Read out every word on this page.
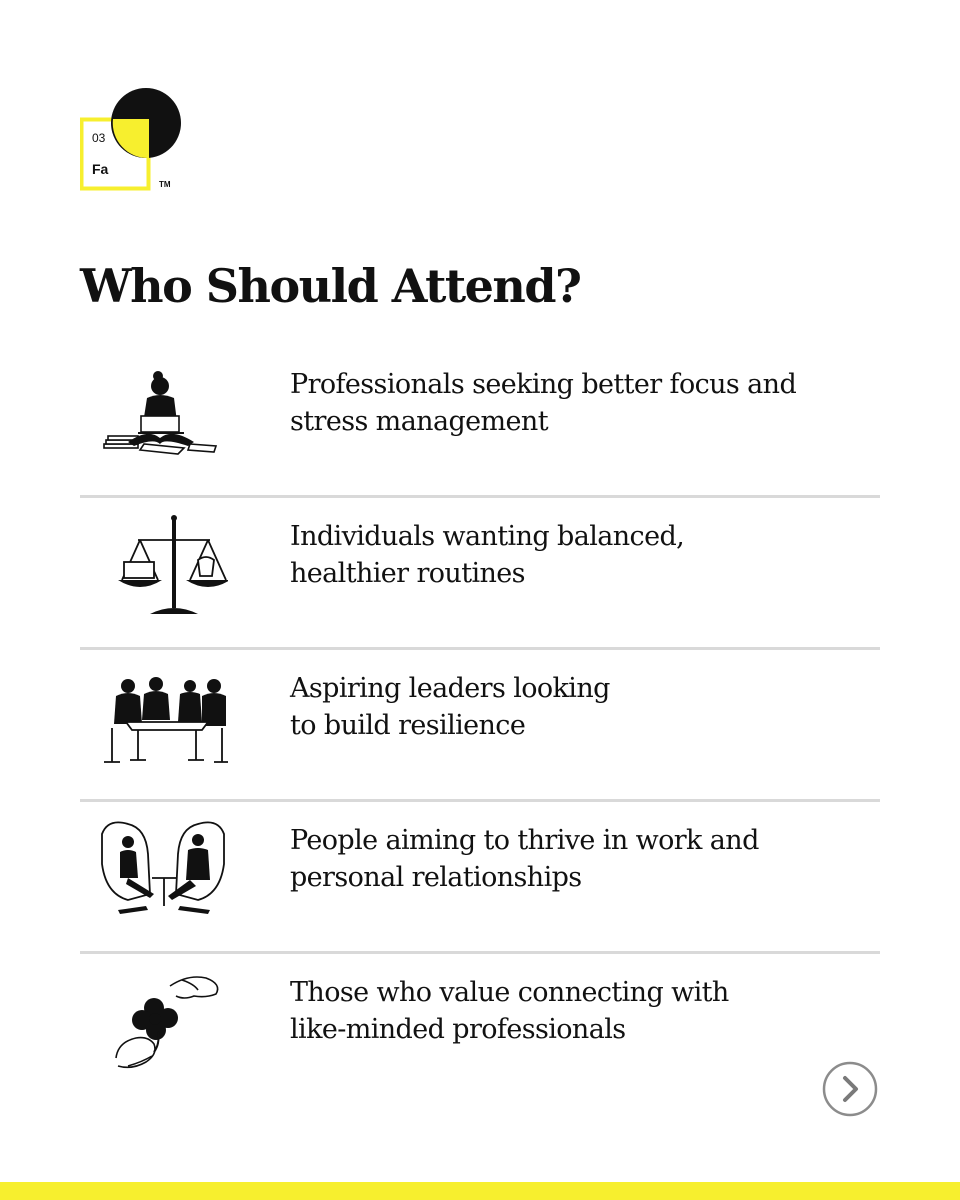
03
Fa
TM
Who Should Attend?
Professionals seeking better focus and
stress management
Individuals wanting balanced,
healthier routines
Aspiring leaders looking
to build resilience
People aiming to thrive in work and
personal relationships
Those who value connecting with
like-minded professionals
